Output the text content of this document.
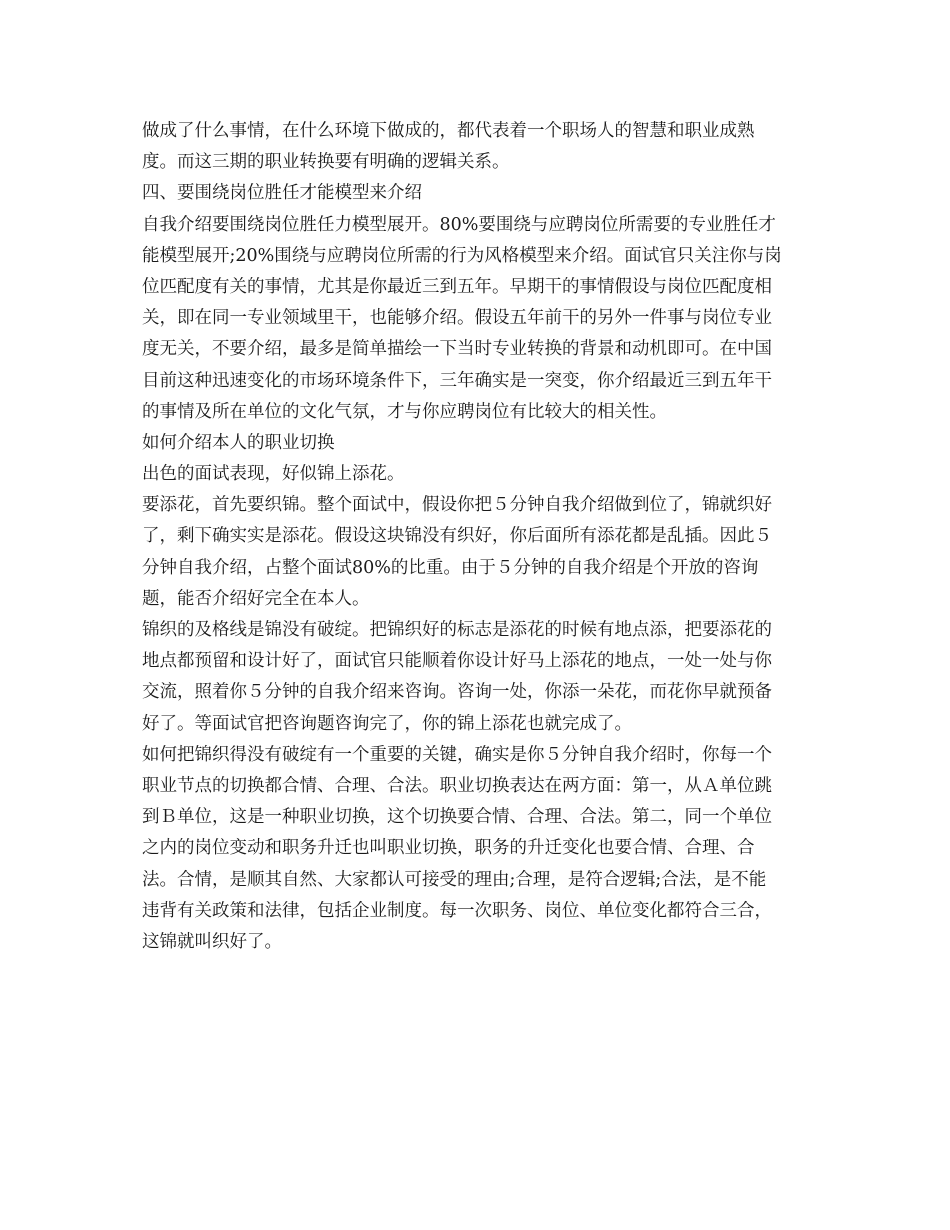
做成了什么事情，在什么环境下做成的，都代表着一个职场人的智慧和职业成熟
度。而这三期的职业转换要有明确的逻辑关系。
四、要围绕岗位胜任才能模型来介绍
自我介绍要围绕岗位胜任力模型展开。80%要围绕与应聘岗位所需要的专业胜任才
能模型展开;20%围绕与应聘岗位所需的行为风格模型来介绍。面试官只关注你与岗
位匹配度有关的事情，尤其是你最近三到五年。早期干的事情假设与岗位匹配度相
关，即在同一专业领域里干，也能够介绍。假设五年前干的另外一件事与岗位专业
度无关，不要介绍，最多是简单描绘一下当时专业转换的背景和动机即可。在中国
目前这种迅速变化的市场环境条件下，三年确实是一突变，你介绍最近三到五年干
的事情及所在单位的文化气氛，才与你应聘岗位有比较大的相关性。
如何介绍本人的职业切换
出色的面试表现，好似锦上添花。
要添花，首先要织锦。整个面试中，假设你把５分钟自我介绍做到位了，锦就织好
了，剩下确实实是添花。假设这块锦没有织好，你后面所有添花都是乱插。因此５
分钟自我介绍，占整个面试80%的比重。由于５分钟的自我介绍是个开放的咨询
题，能否介绍好完全在本人。
锦织的及格线是锦没有破绽。把锦织好的标志是添花的时候有地点添，把要添花的
地点都预留和设计好了，面试官只能顺着你设计好马上添花的地点，一处一处与你
交流，照着你５分钟的自我介绍来咨询。咨询一处，你添一朵花，而花你早就预备
好了。等面试官把咨询题咨询完了，你的锦上添花也就完成了。
如何把锦织得没有破绽有一个重要的关键，确实是你５分钟自我介绍时，你每一个
职业节点的切换都合情、合理、合法。职业切换表达在两方面：第一，从Ａ单位跳
到Ｂ单位，这是一种职业切换，这个切换要合情、合理、合法。第二，同一个单位
之内的岗位变动和职务升迁也叫职业切换，职务的升迁变化也要合情、合理、合
法。合情，是顺其自然、大家都认可接受的理由;合理，是符合逻辑;合法，是不能
违背有关政策和法律，包括企业制度。每一次职务、岗位、单位变化都符合三合，
这锦就叫织好了。
